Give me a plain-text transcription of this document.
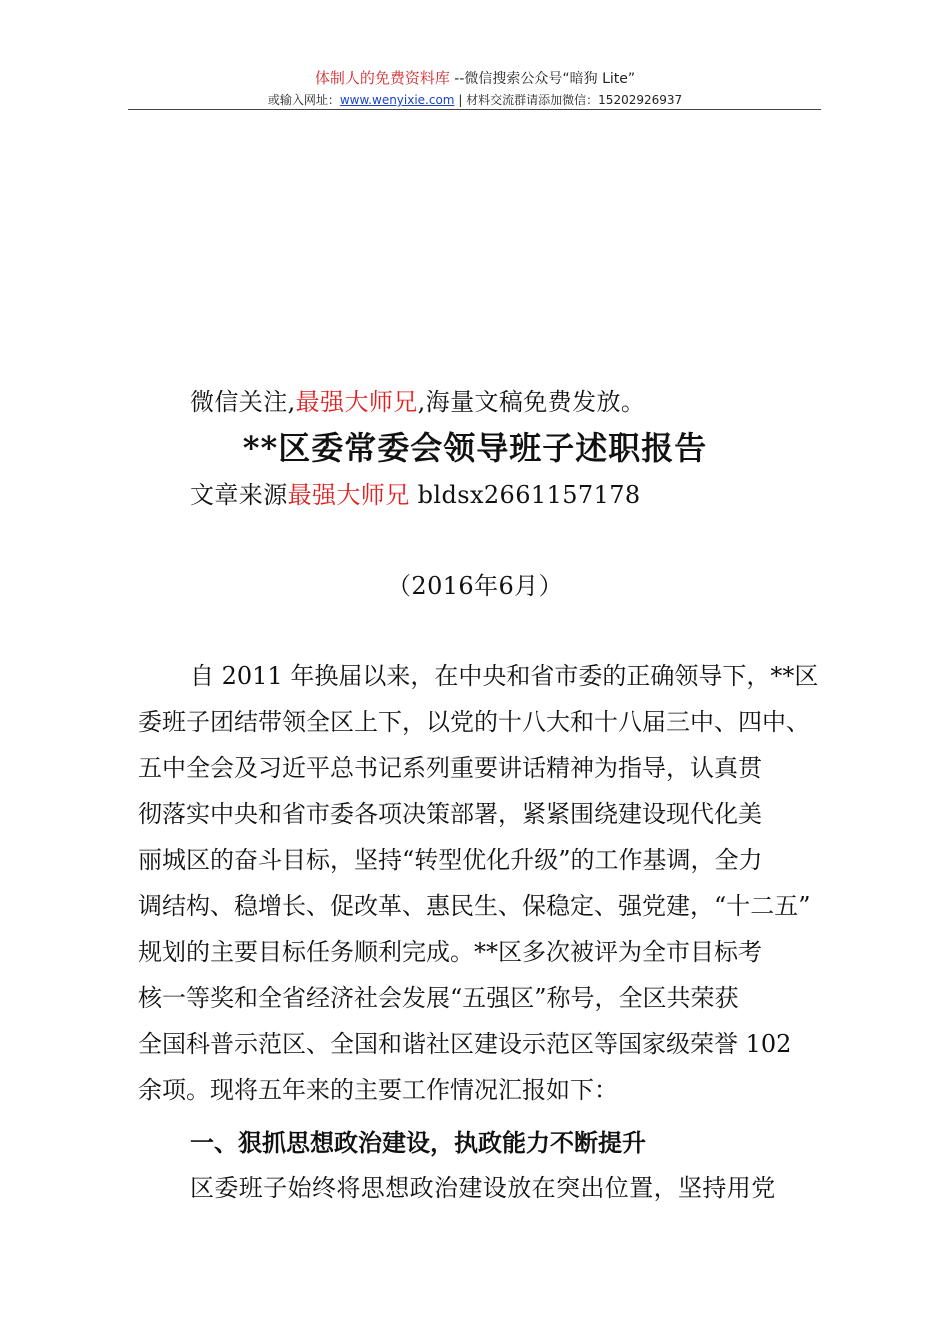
体制人的免费资料库 --微信搜索公众号“暗狗 Lite”
或输入网址：www.wenyixie.com | 材料交流群请添加微信：15202926937
微信关注,最强大师兄,海量文稿免费发放。
**区委常委会领导班子述职报告
文章来源最强大师兄 bldsx2661157178
（2016年6月）
自 2011 年换届以来，在中央和省市委的正确领导下，**区
委班子团结带领全区上下，以党的十八大和十八届三中、四中、
五中全会及习近平总书记系列重要讲话精神为指导，认真贯
彻落实中央和省市委各项决策部署，紧紧围绕建设现代化美
丽城区的奋斗目标，坚持“转型优化升级”的工作基调，全力
调结构、稳增长、促改革、惠民生、保稳定、强党建，“十二五”
规划的主要目标任务顺利完成。**区多次被评为全市目标考
核一等奖和全省经济社会发展“五强区”称号，全区共荣获
全国科普示范区、全国和谐社区建设示范区等国家级荣誉 102
余项。现将五年来的主要工作情况汇报如下：
一、狠抓思想政治建设，执政能力不断提升
区委班子始终将思想政治建设放在突出位置，坚持用党
